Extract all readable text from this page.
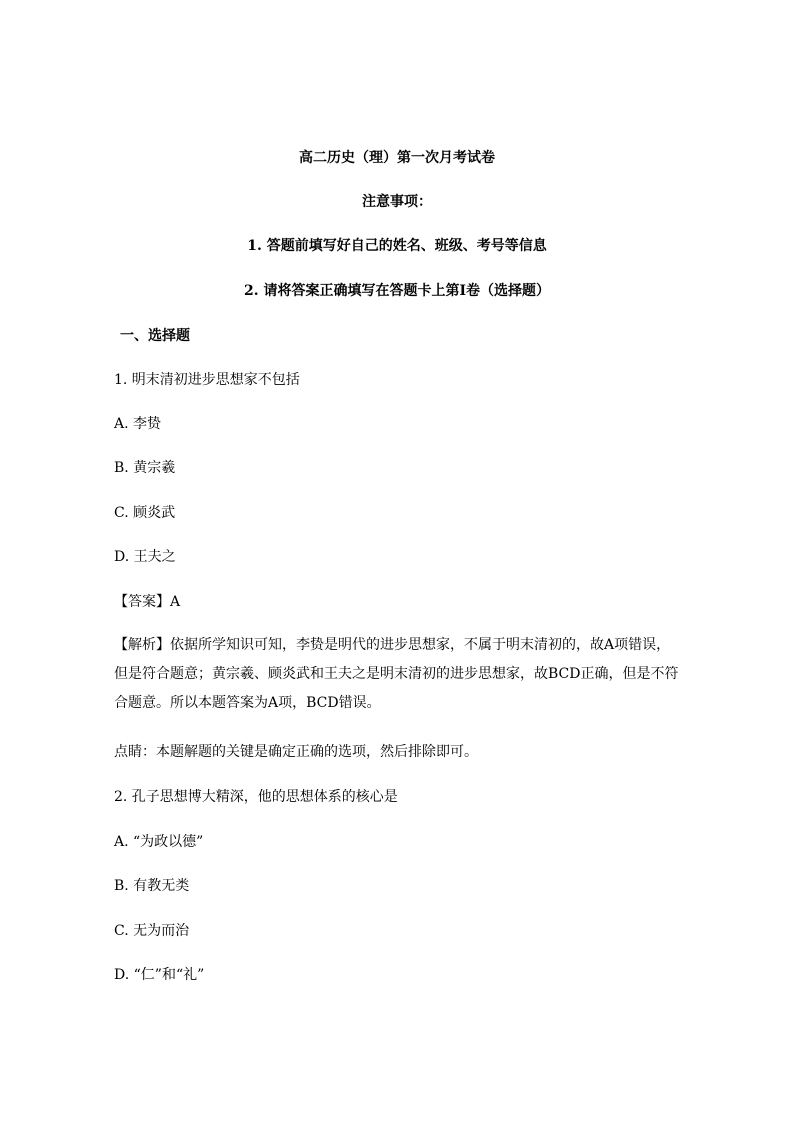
高二历史（理）第一次月考试卷
注意事项：
1. 答题前填写好自己的姓名、班级、考号等信息
2. 请将答案正确填写在答题卡上第Ⅰ卷（选择题）
一、选择题
1. 明末清初进步思想家不包括
A. 李贽
B. 黄宗羲
C. 顾炎武
D. 王夫之
【答案】A
【解析】依据所学知识可知，李贽是明代的进步思想家，不属于明末清初的，故A项错误，但是符合题意；黄宗羲、顾炎武和王夫之是明末清初的进步思想家，故BCD正确，但是不符合题意。所以本题答案为A项，BCD错误。
点睛：本题解题的关键是确定正确的选项，然后排除即可。
2. 孔子思想博大精深，他的思想体系的核心是
A. “为政以德”
B. 有教无类
C. 无为而治
D. “仁”和“礼”
